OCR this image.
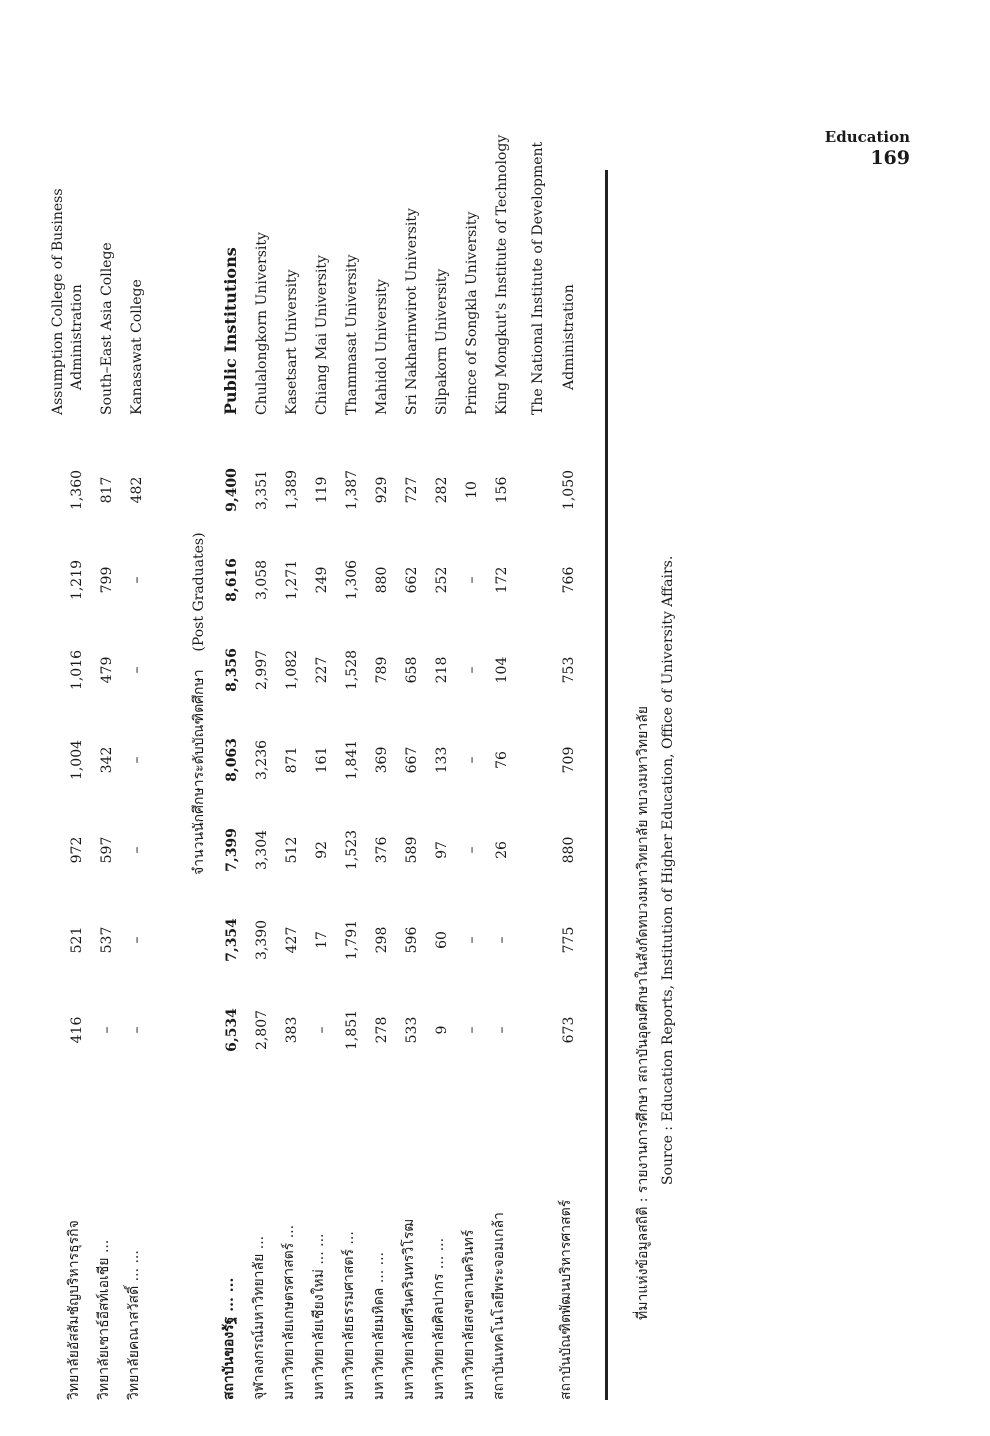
Education
169
วิทยาลัยอัสสัมชัญบริหารธุรกิจ
416
521
972
1,004
1,016
1,219
1,360
Assumption College of Business Administration
วิทยาลัยเซาธ์อีสท์เอเชีย ...
–
537
597
342
479
799
817
South–East Asia College
วิทยาลัยคณาสวัสดิ์ ... ...
–
–
–
–
–
–
482
Kanasawat College
จำนวนนักศึกษาระดับบัณฑิตศึกษา    (Post Graduates)
สถาบันของรัฐ ... ...
6,534
7,354
7,399
8,063
8,356
8,616
9,400
Public Institutions
จุฬาลงกรณ์มหาวิทยาลัย ...
2,807
3,390
3,304
3,236
2,997
3,058
3,351
Chulalongkorn University
มหาวิทยาลัยเกษตรศาสตร์ ...
383
427
512
871
1,082
1,271
1,389
Kasetsart University
มหาวิทยาลัยเชียงใหม่ ... ...
–
17
92
161
227
249
119
Chiang Mai University
มหาวิทยาลัยธรรมศาสตร์ ...
1,851
1,791
1,523
1,841
1,528
1,306
1,387
Thammasat University
มหาวิทยาลัยมหิดล ... ...
278
298
376
369
789
880
929
Mahidol University
มหาวิทยาลัยศรีนครินทรวิโรฒ
533
596
589
667
658
662
727
Sri Nakharinwirot University
มหาวิทยาลัยศิลปากร ... ...
9
60
97
133
218
252
282
Silpakorn University
มหาวิทยาลัยสงขลานครินทร์
–
–
–
–
–
–
10
Prince of Songkla University
สถาบันเทคโนโลยีพระจอมเกล้า
–
–
26
76
104
172
156
King Mongkut's Institute of Technology
สถาบันบัณฑิตพัฒนบริหารศาสตร์
673
775
880
709
753
766
1,050
The National Institute of Development Administration
ที่มาแห่งข้อมูลสถิติ : รายงานการศึกษา สถาบันอุดมศึกษาในสังกัดทบวงมหาวิทยาลัย ทบวงมหาวิทยาลัย Source : Education Reports, Institution of Higher Education, Office of University Affairs.
